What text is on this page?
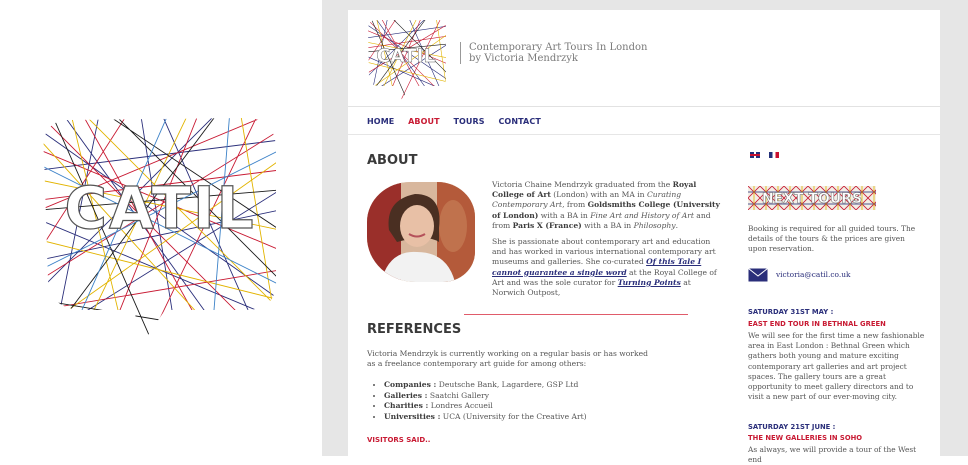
CATIL
CATIL	Contemporary Art Tours In London
by Victoria Mendrzyk
HOME ABOUT TOURS CONTACT
ABOUT

Victoria Chaine Mendrzyk graduated from the Royal College of Art (London) with an MA in Curating Contemporary Art, from Goldsmiths College (University of London) with a BA in Fine Art and History of Art and from Paris X (France) with a BA in Philosophy.

She is passionate about contemporary art and education and has worked in various international contemporary art museums and galleries. She co-curated Of this Tale I cannot guarantee a single word at the Royal College of Art and was the sole curator for Turning Points at Norwich Outpost,

REFERENCES
Victoria Mendrzyk is currently working on a regular basis or has worked as a freelance contemporary art guide for among others:
• Companies : Deutsche Bank, Lagardere, GSP Ltd
• Galleries : Saatchi Gallery
• Charities : Londres Accueil
• Universities : UCA (University for the Creative Art)
VISITORS SAID..

NEXT TOURS
Booking is required for all guided tours. The details of the tours & the prices are given upon reservation.
victoria@catil.co.uk
SATURDAY 31ST MAY :
EAST END TOUR IN BETHNAL GREEN
We will see for the first time a new fashionable area in East London : Bethnal Green which gathers both young and mature exciting contemporary art galleries and art project spaces. The gallery tours are a great opportunity to meet gallery directors and to visit a new part of our ever-moving city.
SATURDAY 21ST JUNE :
THE NEW GALLERIES IN SOHO
As always, we will provide a tour of the West end
